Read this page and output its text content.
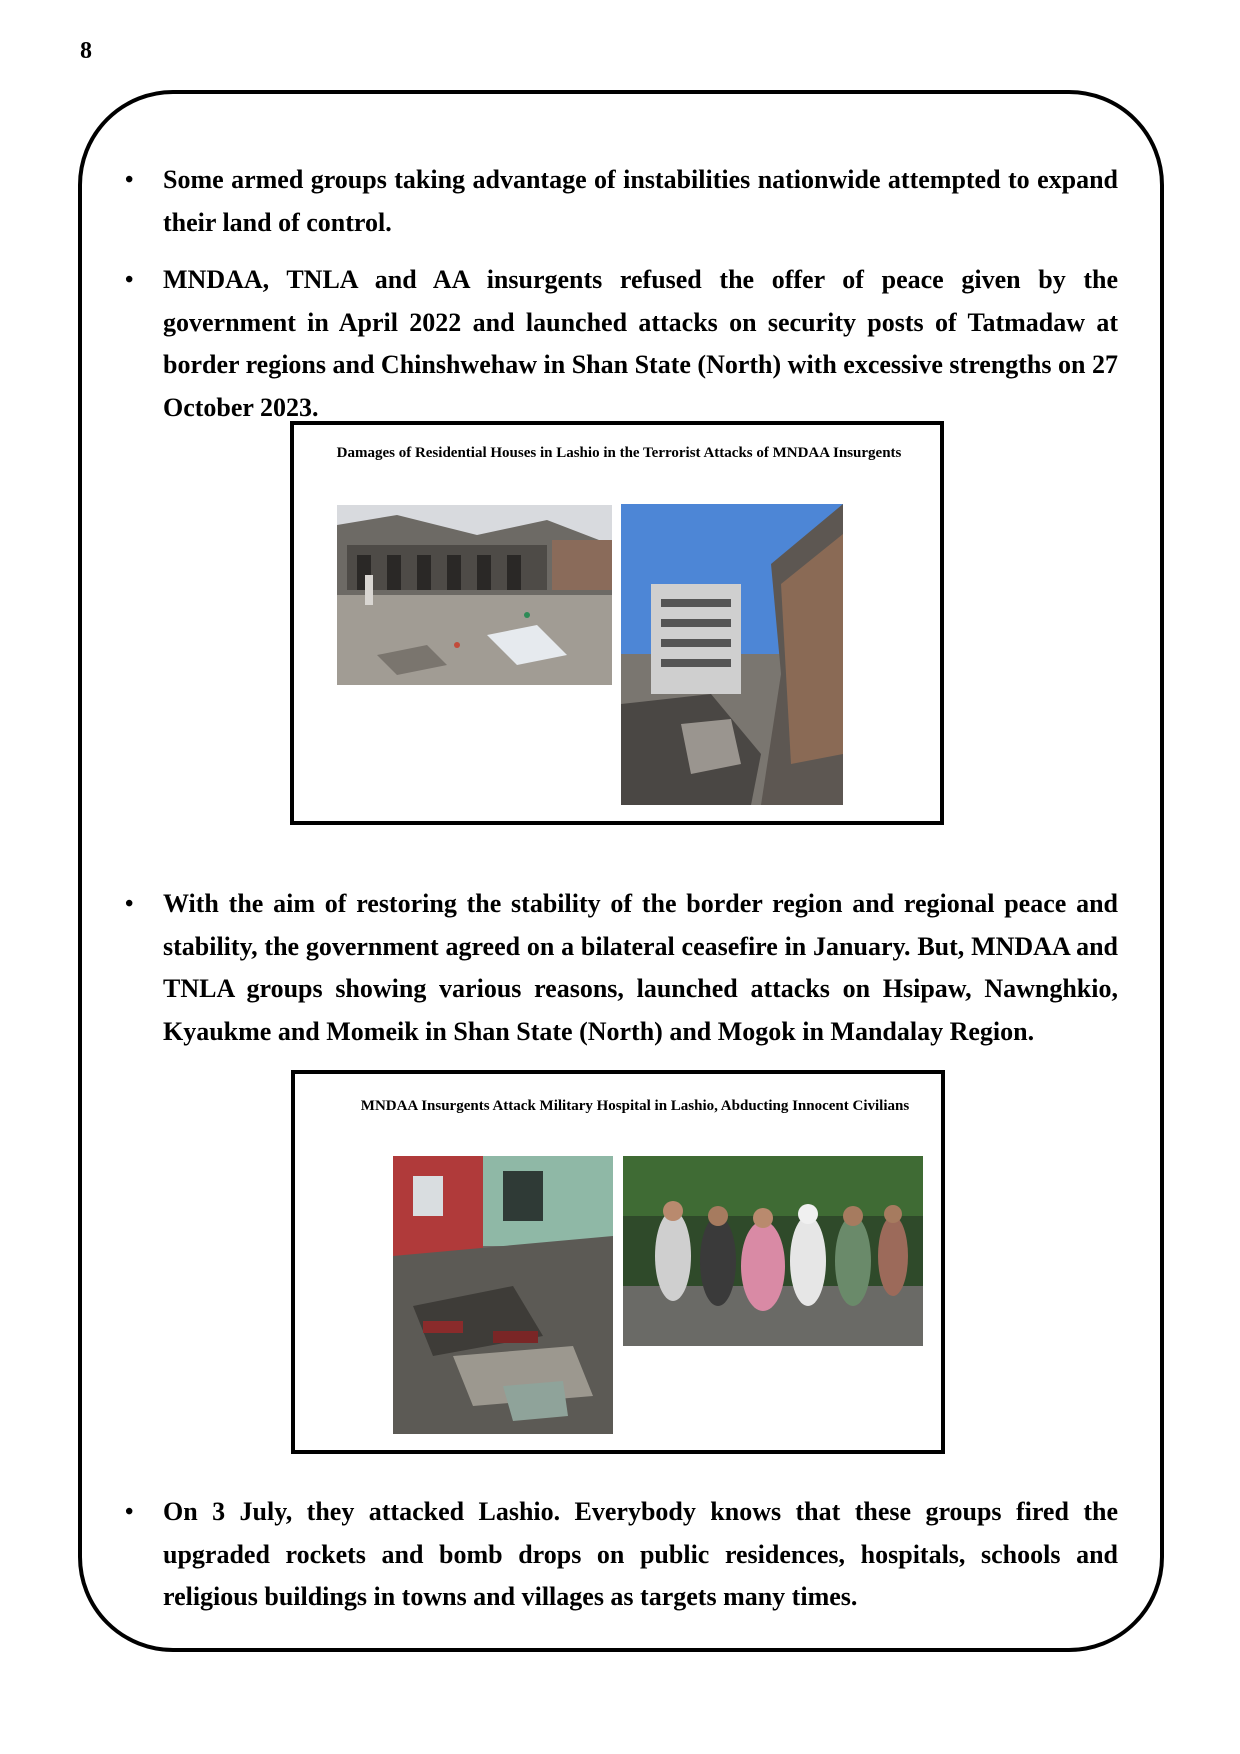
8

• Some armed groups taking advantage of instabilities nationwide attempted to expand their land of control.

• MNDAA, TNLA and AA insurgents refused the offer of peace given by the government in April 2022 and launched attacks on security posts of Tatmadaw at border regions and Chinshwehaw in Shan State (North) with excessive strengths on 27 October 2023.

Damages of Residential Houses in Lashio in the Terrorist Attacks of MNDAA Insurgents

• With the aim of restoring the stability of the border region and regional peace and stability, the government agreed on a bilateral ceasefire in January. But, MNDAA and TNLA groups showing various reasons, launched attacks on Hsipaw, Nawnghkio, Kyaukme and Momeik in Shan State (North) and Mogok in Mandalay Region.

MNDAA Insurgents Attack Military Hospital in Lashio, Abducting Innocent Civilians

• On 3 July, they attacked Lashio. Everybody knows that these groups fired the upgraded rockets and bomb drops on public residences, hospitals, schools and religious buildings in towns and villages as targets many times.
